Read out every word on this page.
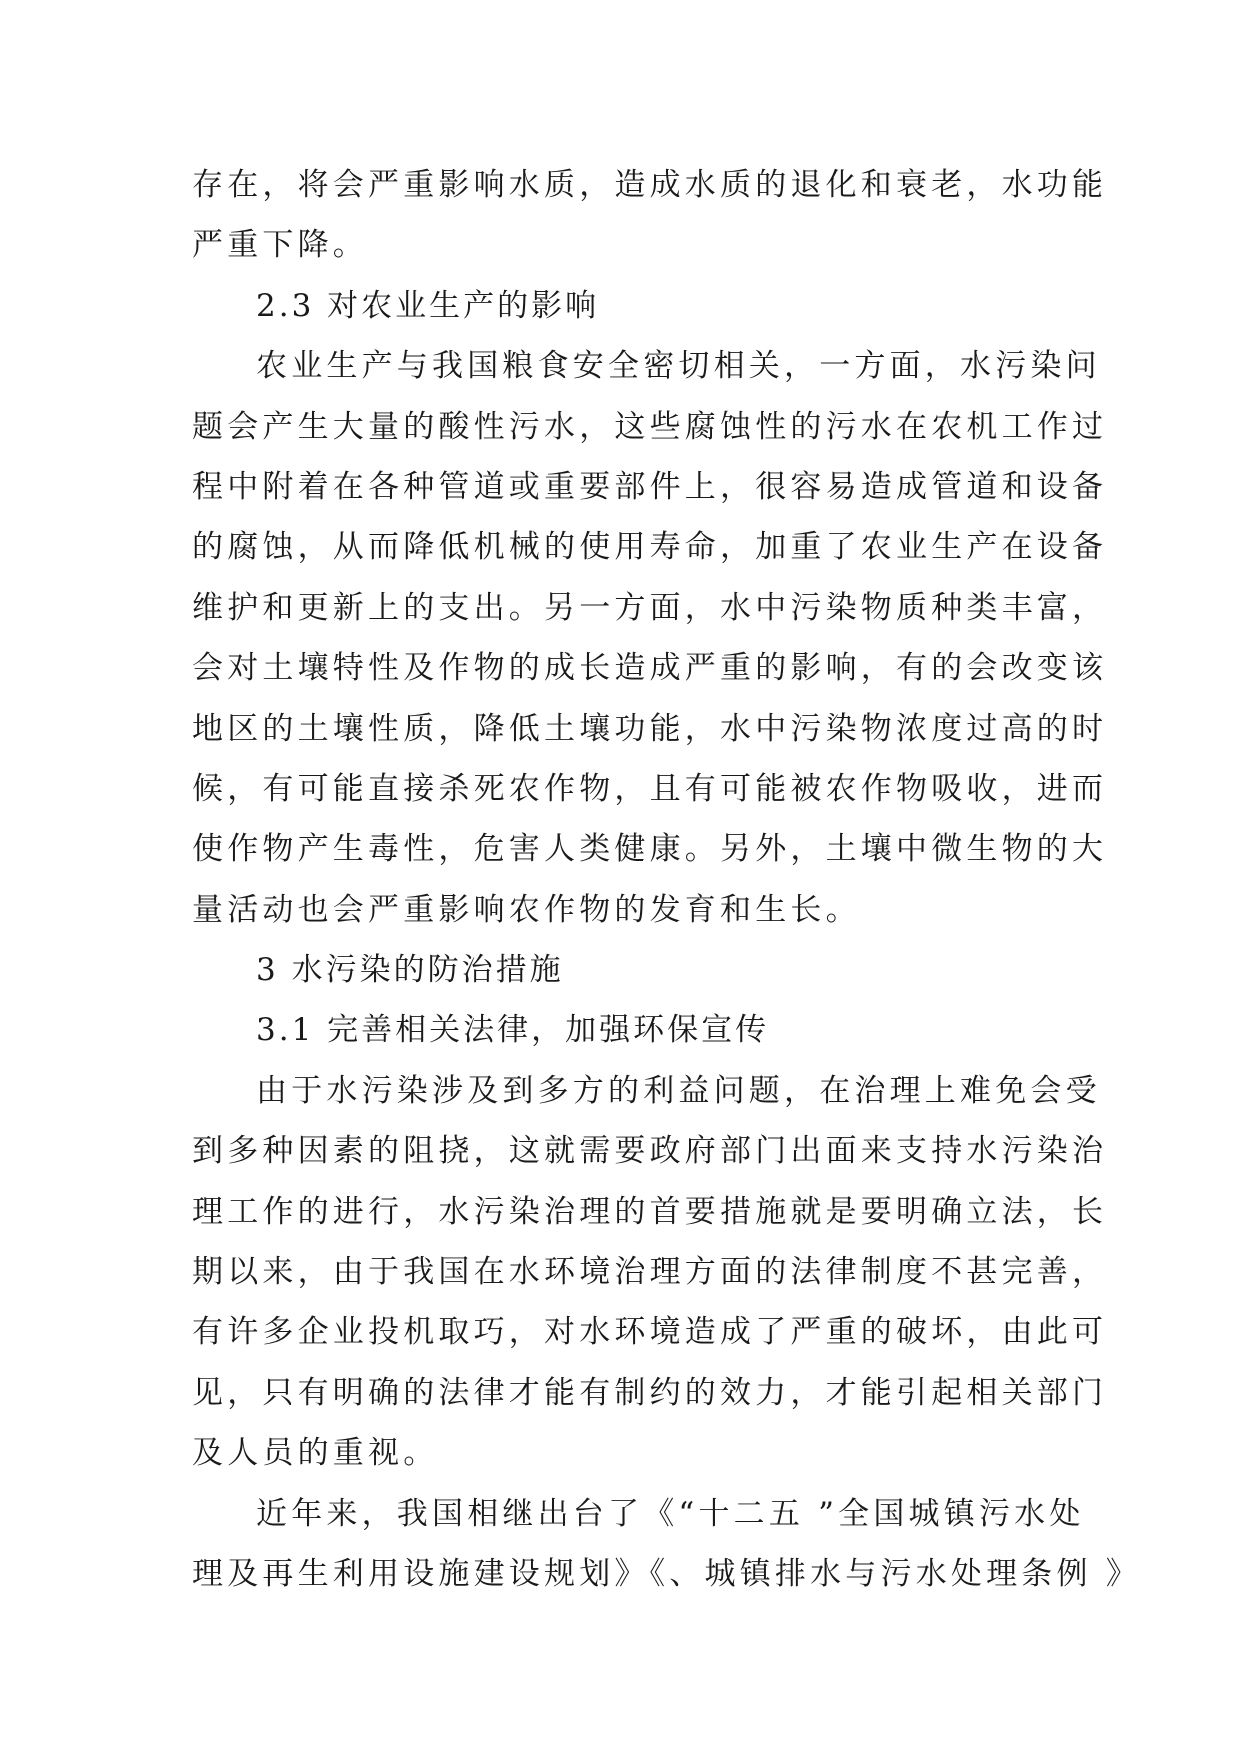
存在，将会严重影响水质，造成水质的退化和衰老，水功能
严重下降。
2.3 对农业生产的影响
农业生产与我国粮食安全密切相关，一方面，水污染问
题会产生大量的酸性污水，这些腐蚀性的污水在农机工作过
程中附着在各种管道或重要部件上，很容易造成管道和设备
的腐蚀，从而降低机械的使用寿命，加重了农业生产在设备
维护和更新上的支出。另一方面，水中污染物质种类丰富，
会对土壤特性及作物的成长造成严重的影响，有的会改变该
地区的土壤性质，降低土壤功能，水中污染物浓度过高的时
候，有可能直接杀死农作物，且有可能被农作物吸收，进而
使作物产生毒性，危害人类健康。另外，土壤中微生物的大
量活动也会严重影响农作物的发育和生长。
3 水污染的防治措施
3.1 完善相关法律，加强环保宣传
由于水污染涉及到多方的利益问题，在治理上难免会受
到多种因素的阻挠，这就需要政府部门出面来支持水污染治
理工作的进行，水污染治理的首要措施就是要明确立法，长
期以来，由于我国在水环境治理方面的法律制度不甚完善，
有许多企业投机取巧，对水环境造成了严重的破坏，由此可
见，只有明确的法律才能有制约的效力，才能引起相关部门
及人员的重视。
近年来，我国相继出台了《“十二五 ”全国城镇污水处
理及再生利用设施建设规划》《、城镇排水与污水处理条例 》
